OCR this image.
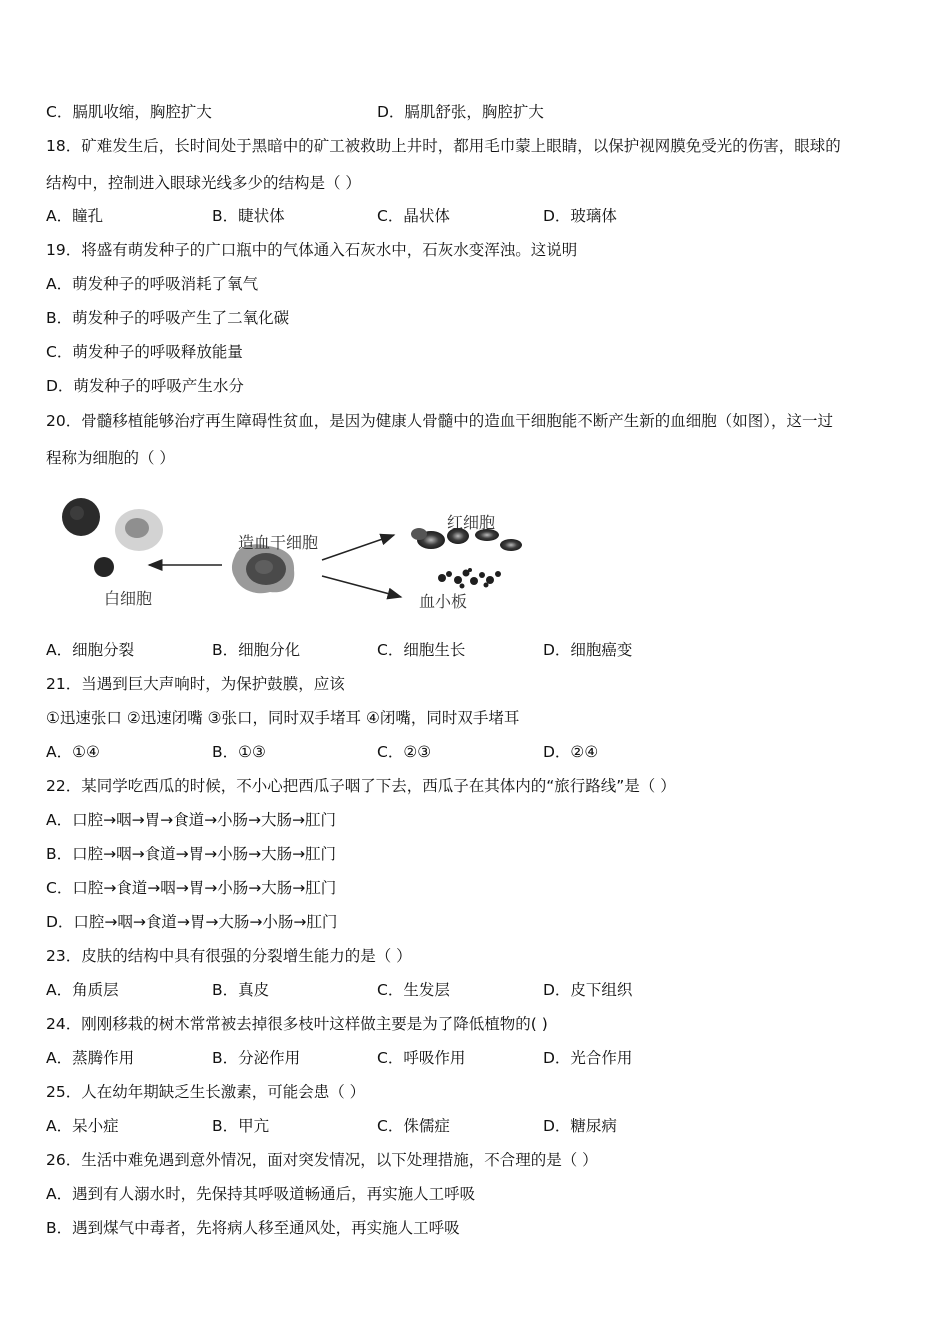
C．膈肌收缩，胸腔扩大	D．膈肌舒张，胸腔扩大
18．矿难发生后，长时间处于黑暗中的矿工被救助上井时，都用毛巾蒙上眼睛，以保护视网膜免受光的伤害，眼球的
结构中，控制进入眼球光线多少的结构是（ ）
A．瞳孔	B．睫状体	C．晶状体	D．玻璃体
19．将盛有萌发种子的广口瓶中的气体通入石灰水中，石灰水变浑浊。这说明
A．萌发种子的呼吸消耗了氧气
B．萌发种子的呼吸产生了二氧化碳
C．萌发种子的呼吸释放能量
D．萌发种子的呼吸产生水分
20．骨髓移植能够治疗再生障碍性贫血，是因为健康人骨髓中的造血干细胞能不断产生新的血细胞（如图），这一过
程称为细胞的（ ）
造血干细胞
红细胞
白细胞	血小板
A．细胞分裂	B．细胞分化	C．细胞生长	D．细胞癌变
21．当遇到巨大声响时，为保护鼓膜，应该
①迅速张口 ②迅速闭嘴 ③张口，同时双手堵耳 ④闭嘴，同时双手堵耳
A．①④	B．①③	C．②③	D．②④
22．某同学吃西瓜的时候，不小心把西瓜子咽了下去，西瓜子在其体内的“旅行路线”是（ ）
A．口腔→咽→胃→食道→小肠→大肠→肛门
B．口腔→咽→食道→胃→小肠→大肠→肛门
C．口腔→食道→咽→胃→小肠→大肠→肛门
D．口腔→咽→食道→胃→大肠→小肠→肛门
23．皮肤的结构中具有很强的分裂增生能力的是（ ）
A．角质层	B．真皮	C．生发层	D．皮下组织
24．刚刚移栽的树木常常被去掉很多枝叶这样做主要是为了降低植物的( )
A．蒸腾作用	B．分泌作用	C．呼吸作用	D．光合作用
25．人在幼年期缺乏生长激素，可能会患（ ）
A．呆小症	B．甲亢	C．侏儒症	D．糖尿病
26．生活中难免遇到意外情况，面对突发情况，以下处理措施，不合理的是（ ）
A．遇到有人溺水时，先保持其呼吸道畅通后，再实施人工呼吸
B．遇到煤气中毒者，先将病人移至通风处，再实施人工呼吸
